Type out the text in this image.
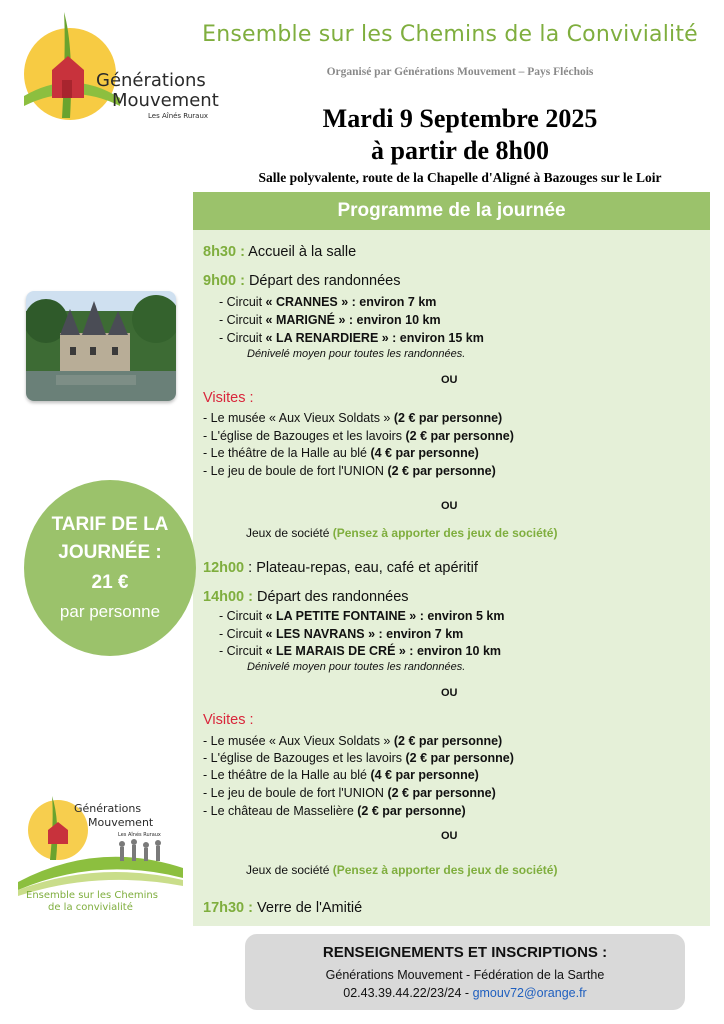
Générations
Mouvement
Les Aînés Ruraux
Ensemble sur les Chemins de la Convivialité
Organisé par Générations Mouvement – Pays Fléchois
Mardi 9 Septembre 2025
à partir de 8h00
Salle polyvalente, route de la Chapelle d'Aligné à Bazouges sur le Loir
Programme de la journée
8h30 : Accueil à la salle
9h00 : Départ des randonnées
- Circuit « CRANNES » : environ 7 km
- Circuit « MARIGNÉ » : environ 10 km
- Circuit « LA RENARDIERE » : environ 15 km
Dénivelé moyen pour toutes les randonnées.
OU
Visites :
- Le musée « Aux Vieux Soldats » (2 € par personne)
- L'église de Bazouges et les lavoirs (2 € par personne)
- Le théâtre de la Halle au blé (4 € par personne)
- Le jeu de boule de fort l'UNION (2 € par personne)
OU
Jeux de société (Pensez à apporter des jeux de société)
12h00 : Plateau-repas, eau, café et apéritif
14h00 : Départ des randonnées
- Circuit « LA PETITE FONTAINE » : environ 5 km
- Circuit « LES NAVRANS » : environ 7 km
- Circuit « LE MARAIS DE CRÉ » : environ 10 km
Dénivelé moyen pour toutes les randonnées.
OU
Visites :
- Le musée « Aux Vieux Soldats » (2 € par personne)
- L'église de Bazouges et les lavoirs (2 € par personne)
- Le théâtre de la Halle au blé (4 € par personne)
- Le jeu de boule de fort l'UNION (2 € par personne)
- Le château de Masselière (2 € par personne)
OU
Jeux de société (Pensez à apporter des jeux de société)
17h30 : Verre de l'Amitié
TARIF DE LA
JOURNÉE :
21 €
par personne
Générations
Mouvement
Les Aînés Ruraux
Ensemble sur les Chemins
de la convivialité
RENSEIGNEMENTS ET INSCRIPTIONS :
Générations Mouvement - Fédération de la Sarthe
02.43.39.44.22/23/24 - gmouv72@orange.fr
